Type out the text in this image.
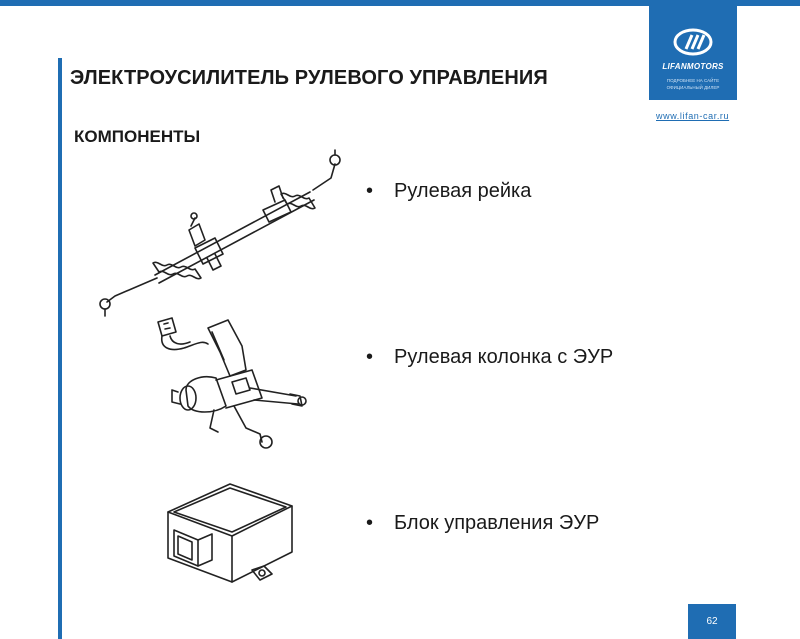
ЭЛЕКТРОУСИЛИТЕЛЬ РУЛЕВОГО УПРАВЛЕНИЯ
КОМПОНЕНТЫ
LIFANMOTORS
ПОДРОБНЕЕ НА САЙТЕ
ОФИЦИАЛЬНЫЙ ДИЛЕР
www.lifan-car.ru
• Рулевая рейка
• Рулевая колонка с ЭУР
• Блок управления ЭУР
62
